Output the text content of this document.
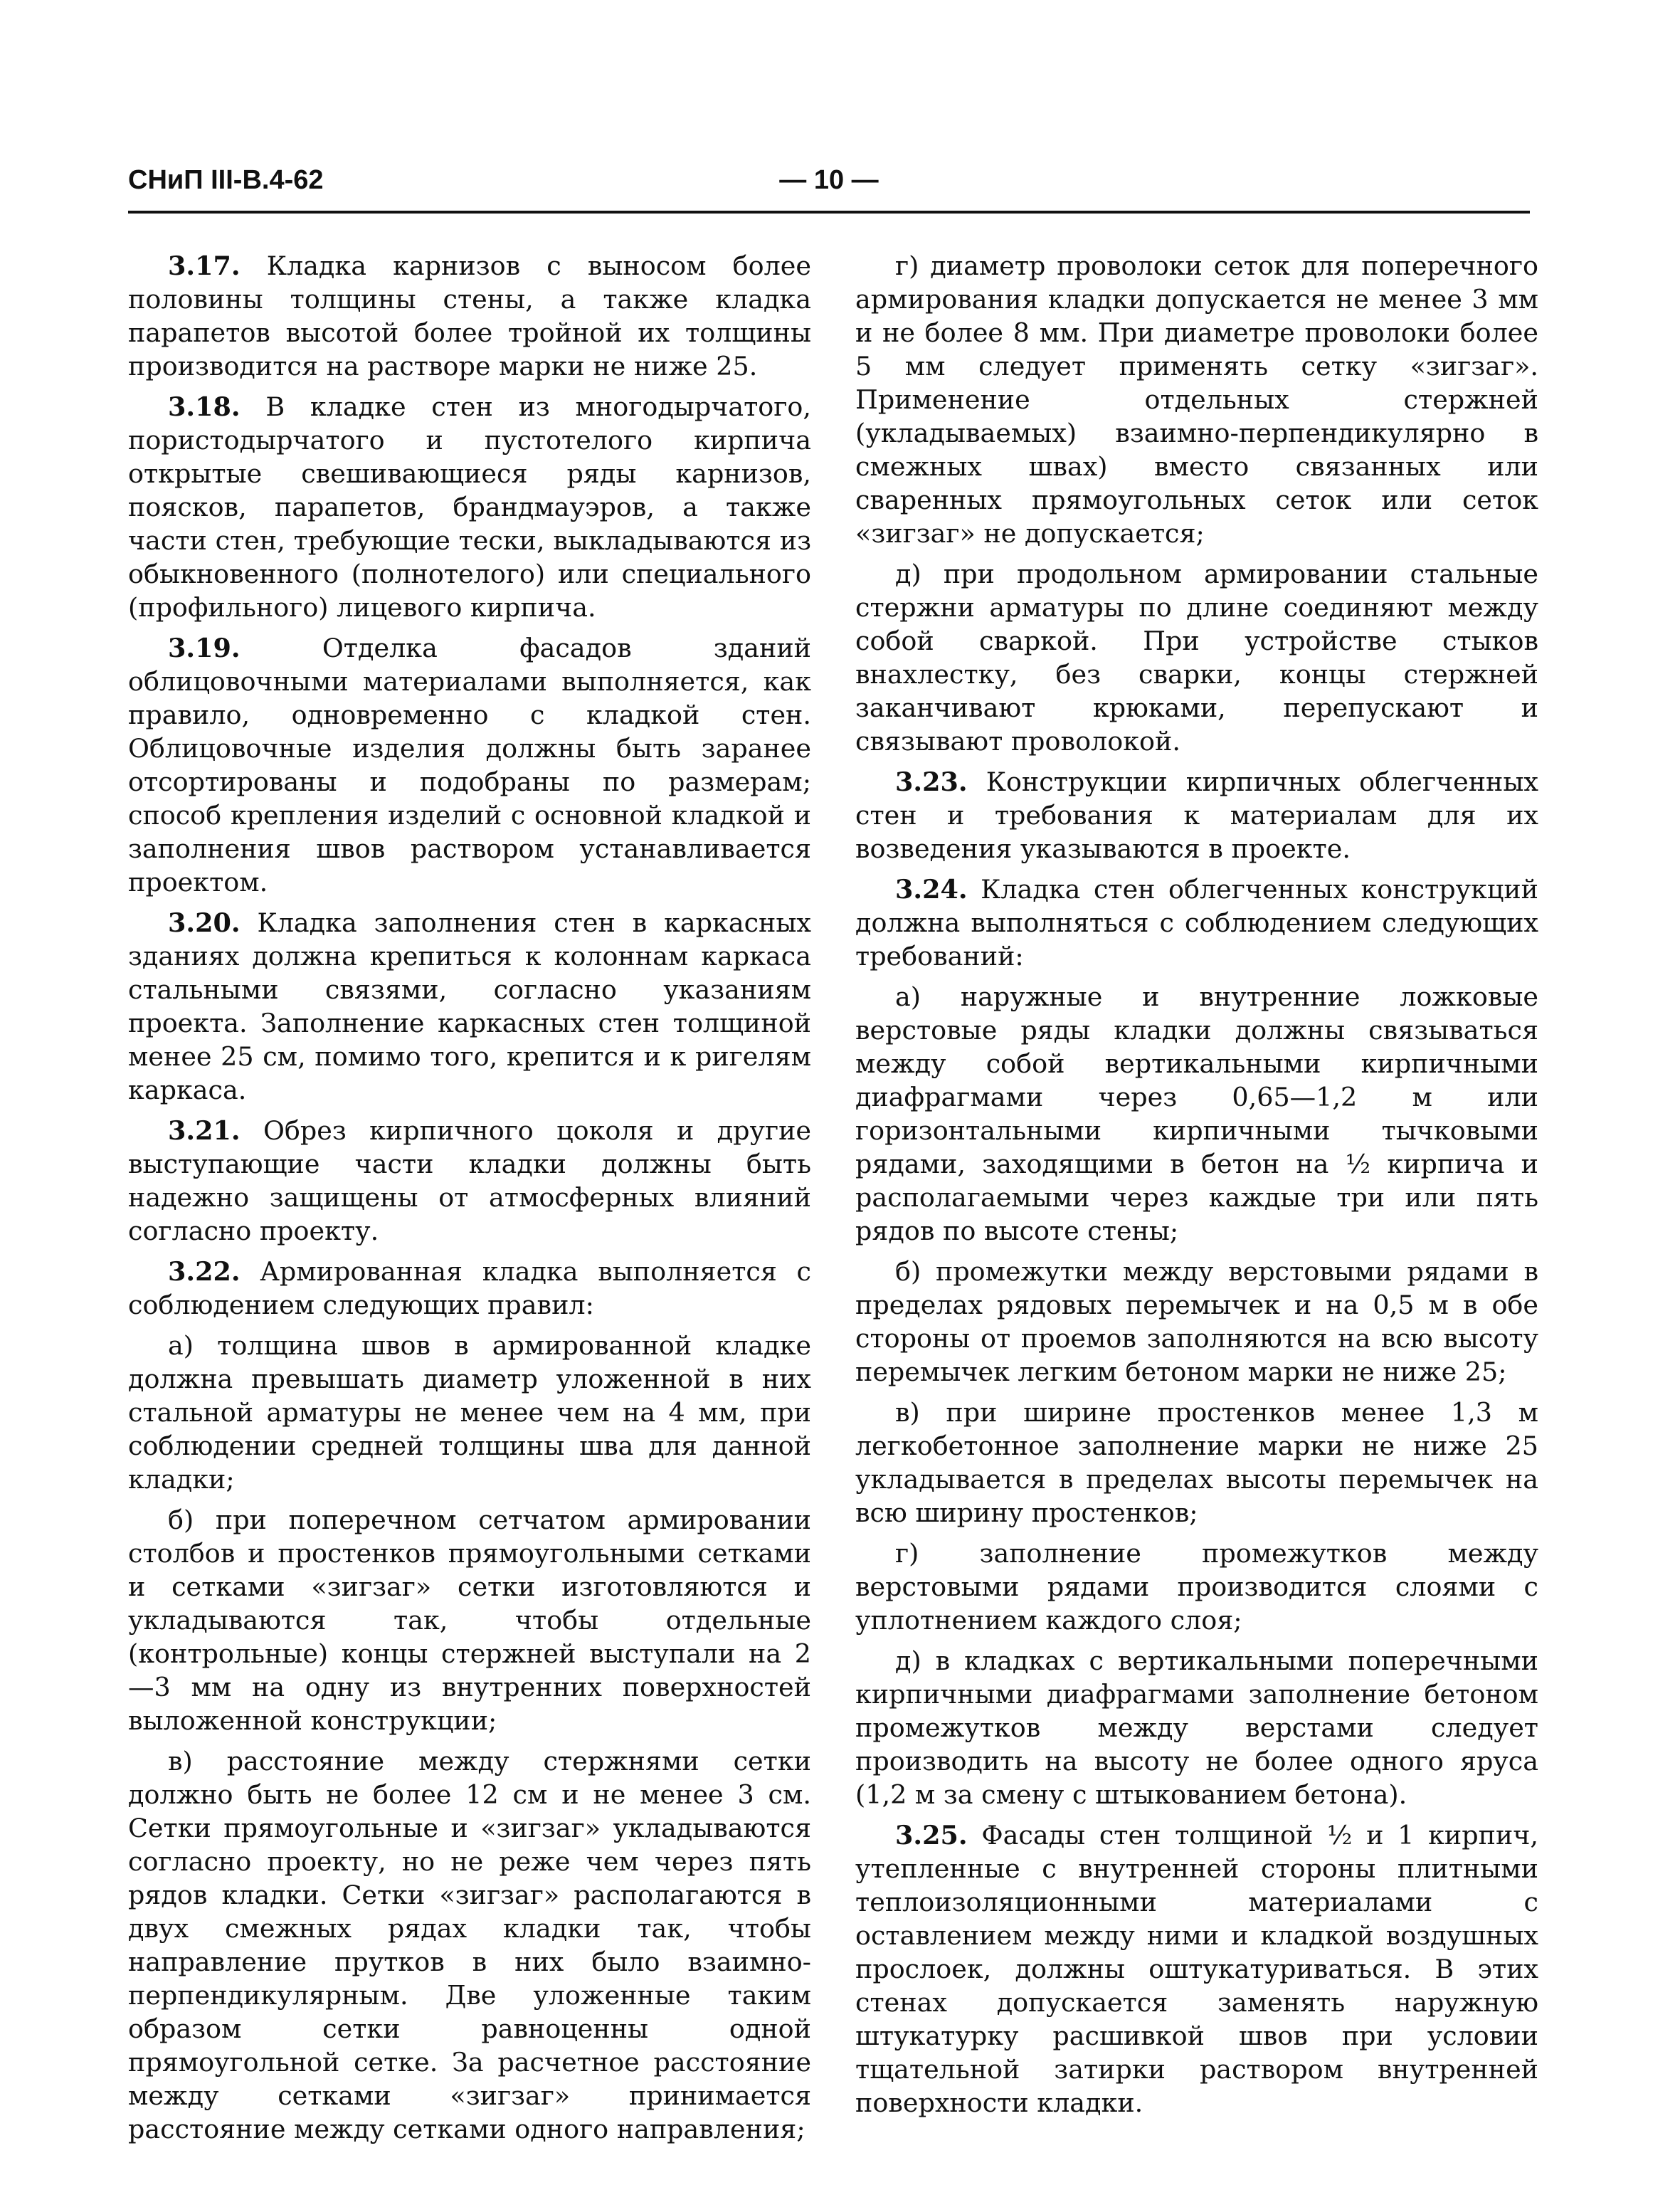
СНиП III-В.4-62	— 10 —

3.17. Кладка карнизов с выносом более половины толщины стены, а также кладка парапетов высотой более тройной их толщины производится на растворе марки не ниже 25.

3.18. В кладке стен из многодырчатого, пористодырчатого и пустотелого кирпича открытые свешивающиеся ряды карнизов, поясков, парапетов, брандмауэров, а также части стен, требующие тески, выкладываются из обыкновенного (полнотелого) или специального (профильного) лицевого кирпича.

3.19.	Отделка фасадов зданий облицовочными материалами выполняется, как правило, одновременно с кладкой стен. Облицовочные изделия должны быть заранее отсортированы и подобраны по размерам; способ крепления изделий с основной кладкой и заполнения швов раствором устанавливается проектом.

3.20. Кладка заполнения стен в каркасных зданиях должна крепиться к колоннам каркаса стальными связями, согласно указаниям проекта. Заполнение каркасных стен толщиной менее 25 см, помимо того, крепится и к ригелям каркаса.

3.21. Обрез кирпичного цоколя и другие выступающие части кладки должны быть надежно защищены от атмосферных влияний согласно проекту.

3.22. Армированная кладка выполняется с соблюдением следующих правил:

а) толщина швов в армированной кладке должна превышать диаметр уложенной в них стальной арматуры не менее чем на 4 мм, при соблюдении средней толщины шва для данной кладки;

б) при поперечном сетчатом армировании столбов и простенков прямоугольными сетками и сетками «зигзаг» сетки изготовляются и укладываются так, чтобы отдельные (контрольные) концы стержней выступали на 2—3 мм на одну из внутренних поверхностей выложенной конструкции;

в) расстояние между стержнями сетки должно быть не более 12 см и не менее 3 см. Сетки прямоугольные и «зигзаг» укладываются согласно проекту, но не реже чем через пять рядов кладки. Сетки «зигзаг» располагаются в двух смежных рядах кладки так, чтобы направление прутков в них было взаимно-перпендикулярным. Две уложенные таким образом сетки равноценны одной прямоугольной сетке. За расчетное расстояние между сетками «зигзаг» принимается расстояние между сетками одного направления;

г) диаметр проволоки сеток для поперечного армирования кладки допускается не менее 3 мм и не более 8 мм. При диаметре проволоки более 5 мм следует применять сетку «зигзаг». Применение отдельных стержней (укладываемых) взаимно-перпендикулярно в смежных швах) вместо связанных или сваренных прямоугольных сеток или сеток «зигзаг» не допускается;

д) при продольном армировании стальные стержни арматуры по длине соединяют между собой сваркой. При устройстве стыков внахлестку, без сварки, концы стержней заканчивают крюками, перепускают и связывают проволокой.

3.23. Конструкции кирпичных облегченных стен и требования к материалам для их возведения указываются в проекте.

3.24. Кладка стен облегченных конструкций должна выполняться с соблюдением следующих требований:

а) наружные и внутренние ложковые верстовые ряды кладки должны связываться между собой вертикальными кирпичными диафрагмами через 0,65—1,2 м или горизонтальными кирпичными тычковыми рядами, заходящими в бетон на ½ кирпича и располагаемыми через каждые три или пять рядов по высоте стены;

б) промежутки между верстовыми рядами в пределах рядовых перемычек и на 0,5 м в обе стороны от проемов заполняются на всю высоту перемычек легким бетоном марки не ниже 25;

в) при ширине простенков менее 1,3 м легкобетонное заполнение марки не ниже 25 укладывается в пределах высоты перемычек на всю ширину простенков;

г) заполнение промежутков между верстовыми рядами производится слоями с уплотнением каждого слоя;

д) в кладках с вертикальными поперечными кирпичными диафрагмами заполнение бетоном промежутков между верстами следует производить на высоту не более одного яруса (1,2 м за смену с штыкованием бетона).

3.25. Фасады стен толщиной ½ и 1 кирпич, утепленные с внутренней стороны плитными теплоизоляционными материалами с оставлением между ними и кладкой воздушных прослоек, должны оштукатуриваться. В этих стенах допускается заменять наружную штукатурку расшивкой швов при условии тщательной затирки раствором внутренней поверхности кладки.
